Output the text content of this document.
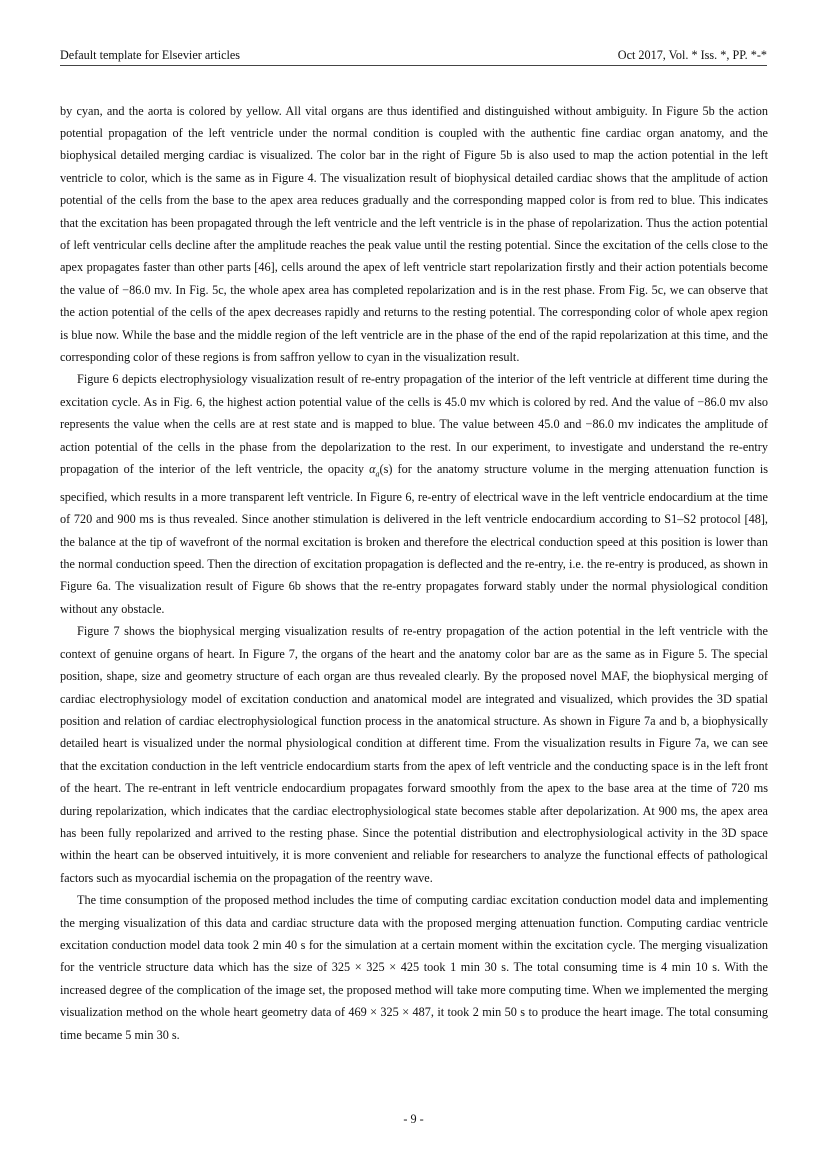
Default template for Elsevier articles	Oct 2017, Vol. * Iss. *, PP. *-*

by cyan, and the aorta is colored by yellow. All vital organs are thus identified and distinguished without ambiguity. In Figure 5b the action potential propagation of the left ventricle under the normal condition is coupled with the authentic fine cardiac organ anatomy, and the biophysical detailed merging cardiac is visualized. The color bar in the right of Figure 5b is also used to map the action potential in the left ventricle to color, which is the same as in Figure 4. The visualization result of biophysical detailed cardiac shows that the amplitude of action potential of the cells from the base to the apex area reduces gradually and the corresponding mapped color is from red to blue. This indicates that the excitation has been propagated through the left ventricle and the left ventricle is in the phase of repolarization. Thus the action potential of left ventricular cells decline after the amplitude reaches the peak value until the resting potential. Since the excitation of the cells close to the apex propagates faster than other parts [46], cells around the apex of left ventricle start repolarization firstly and their action potentials become the value of −86.0 mv. In Fig. 5c, the whole apex area has completed repolarization and is in the rest phase. From Fig. 5c, we can observe that the action potential of the cells of the apex decreases rapidly and returns to the resting potential. The corresponding color of whole apex region is blue now. While the base and the middle region of the left ventricle are in the phase of the end of the rapid repolarization at this time, and the corresponding color of these regions is from saffron yellow to cyan in the visualization result.

Figure 6 depicts electrophysiology visualization result of re-entry propagation of the interior of the left ventricle at different time during the excitation cycle. As in Fig. 6, the highest action potential value of the cells is 45.0 mv which is colored by red. And the value of −86.0 mv also represents the value when the cells are at rest state and is mapped to blue. The value between 45.0 and −86.0 mv indicates the amplitude of action potential of the cells in the phase from the depolarization to the rest. In our experiment, to investigate and understand the re-entry propagation of the interior of the left ventricle, the opacity $\alpha_a(s)$ for the anatomy structure volume in the merging attenuation function is specified, which results in a more transparent left ventricle. In Figure 6, re-entry of electrical wave in the left ventricle endocardium at the time of 720 and 900 ms is thus revealed. Since another stimulation is delivered in the left ventricle endocardium according to S1–S2 protocol [48], the balance at the tip of wavefront of the normal excitation is broken and therefore the electrical conduction speed at this position is lower than the normal conduction speed. Then the direction of excitation propagation is deflected and the re-entry, i.e. the re-entry is produced, as shown in Figure 6a. The visualization result of Figure 6b shows that the re-entry propagates forward stably under the normal physiological condition without any obstacle.

Figure 7 shows the biophysical merging visualization results of re-entry propagation of the action potential in the left ventricle with the context of genuine organs of heart. In Figure 7, the organs of the heart and the anatomy color bar are as the same as in Figure 5. The special position, shape, size and geometry structure of each organ are thus revealed clearly. By the proposed novel MAF, the biophysical merging of cardiac electrophysiology model of excitation conduction and anatomical model are integrated and visualized, which provides the 3D spatial position and relation of cardiac electrophysiological function process in the anatomical structure. As shown in Figure 7a and b, a biophysically detailed heart is visualized under the normal physiological condition at different time. From the visualization results in Figure 7a, we can see that the excitation conduction in the left ventricle endocardium starts from the apex of left ventricle and the conducting space is in the left front of the heart. The re-entrant in left ventricle endocardium propagates forward smoothly from the apex to the base area at the time of 720 ms during repolarization, which indicates that the cardiac electrophysiological state becomes stable after depolarization. At 900 ms, the apex area has been fully repolarized and arrived to the resting phase. Since the potential distribution and electrophysiological activity in the 3D space within the heart can be observed intuitively, it is more convenient and reliable for researchers to analyze the functional effects of pathological factors such as myocardial ischemia on the propagation of the reentry wave.

The time consumption of the proposed method includes the time of computing cardiac excitation conduction model data and implementing the merging visualization of this data and cardiac structure data with the proposed merging attenuation function. Computing cardiac ventricle excitation conduction model data took 2 min 40 s for the simulation at a certain moment within the excitation cycle. The merging visualization for the ventricle structure data which has the size of 325 × 325 × 425 took 1 min 30 s. The total consuming time is 4 min 10 s. With the increased degree of the complication of the image set, the proposed method will take more computing time. When we implemented the merging visualization method on the whole heart geometry data of 469 × 325 × 487, it took 2 min 50 s to produce the heart image. The total consuming time became 5 min 30 s.

- 9 -
